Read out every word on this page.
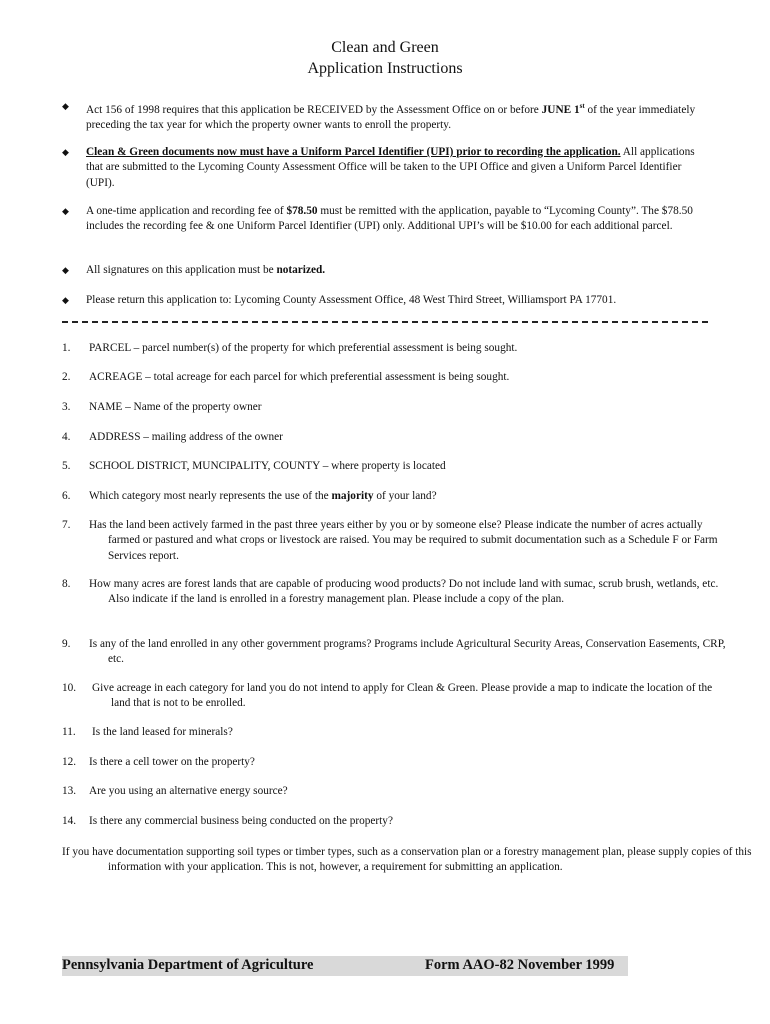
Clean and Green
Application Instructions
◆ Act 156 of 1998 requires that this application be RECEIVED by the Assessment Office on or before JUNE 1st of the year immediately preceding the tax year for which the property owner wants to enroll the property.
◆ Clean & Green documents now must have a Uniform Parcel Identifier (UPI) prior to recording the application. All applications that are submitted to the Lycoming County Assessment Office will be taken to the UPI Office and given a Uniform Parcel Identifier (UPI).
◆ A one-time application and recording fee of $78.50 must be remitted with the application, payable to “Lycoming County”. The $78.50 includes the recording fee & one Uniform Parcel Identifier (UPI) only. Additional UPI’s will be $10.00 for each additional parcel.
◆ All signatures on this application must be notarized.
◆ Please return this application to: Lycoming County Assessment Office, 48 West Third Street, Williamsport PA 17701.
1. PARCEL – parcel number(s) of the property for which preferential assessment is being sought.
2. ACREAGE – total acreage for each parcel for which preferential assessment is being sought.
3. NAME – Name of the property owner
4. ADDRESS – mailing address of the owner
5. SCHOOL DISTRICT, MUNCIPALITY, COUNTY – where property is located
6. Which category most nearly represents the use of the majority of your land?
7. Has the land been actively farmed in the past three years either by you or by someone else? Please indicate the number of acres actually farmed or pastured and what crops or livestock are raised. You may be required to submit documentation such as a Schedule F or Farm Services report.
8. How many acres are forest lands that are capable of producing wood products? Do not include land with sumac, scrub brush, wetlands, etc. Also indicate if the land is enrolled in a forestry management plan. Please include a copy of the plan.
9. Is any of the land enrolled in any other government programs? Programs include Agricultural Security Areas, Conservation Easements, CRP, etc.
10. Give acreage in each category for land you do not intend to apply for Clean & Green. Please provide a map to indicate the location of the land that is not to be enrolled.
11. Is the land leased for minerals?
12. Is there a cell tower on the property?
13. Are you using an alternative energy source?
14. Is there any commercial business being conducted on the property?
If you have documentation supporting soil types or timber types, such as a conservation plan or a forestry management plan, please supply copies of this information with your application. This is not, however, a requirement for submitting an application.
Pennsylvania Department of Agriculture	Form AAO-82 November 1999
